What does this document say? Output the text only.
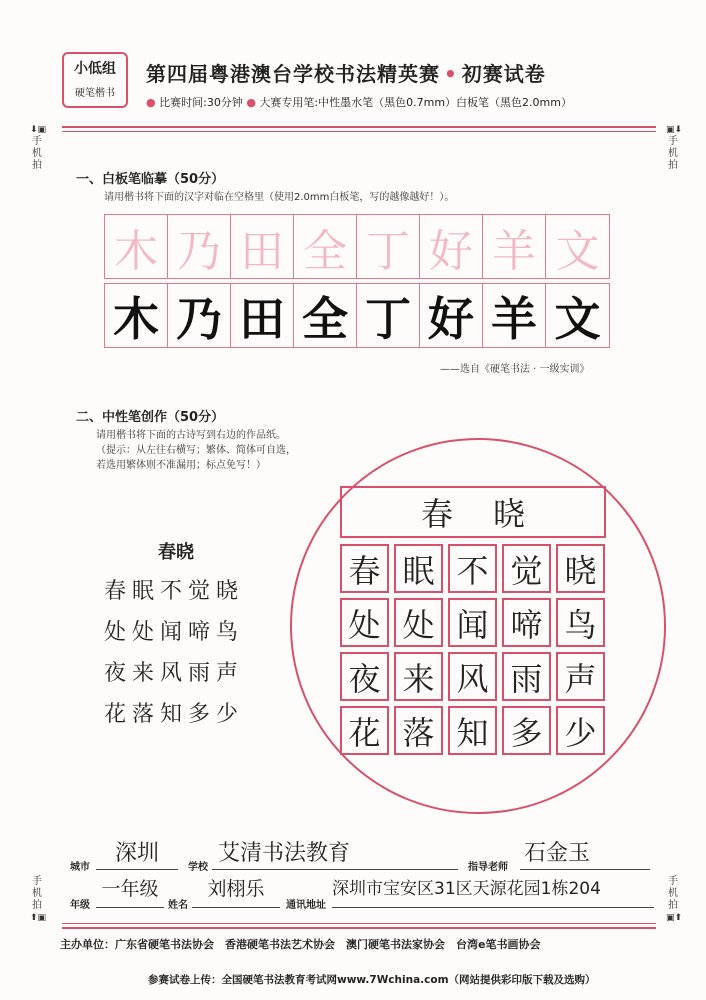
小低组
硬笔楷书
第四届粤港澳台学校书法精英赛 • 初赛试卷
● 比赛时间:30分钟 ● 大赛专用笔:中性墨水笔（黑色0.7mm）白板笔（黑色2.0mm）
⬇▣
手机拍
▣⬇
手机拍
手机拍
⬆▣
手机拍
▣⬆
一、白板笔临摹（50分）
请用楷书将下面的汉字对临在空格里（使用2.0mm白板笔，写的越像越好！）。
木 乃 田 全 丁 好 羊 文
木 乃 田 全 丁 好 羊 文
——选自《硬笔书法 · 一级实训》
二、中性笔创作（50分）
请用楷书将下面的古诗写到右边的作品纸。
（提示：从左往右横写；繁体、简体可自选，
若选用繁体则不准漏用；标点免写！）
春晓
春眠不觉晓
处处闻啼鸟
夜来风雨声
花落知多少
春晓
春 眠 不 觉 晓
处 处 闻 啼 鸟
夜 来 风 雨 声
花 落 知 多 少
城市
深圳
学校
艾清书法教育
指导老师
石金玉
年级
一年级
姓名
刘栩乐
通讯地址
深圳市宝安区31区天源花园1栋204
主办单位：广东省硬笔书法协会　香港硬笔书法艺术协会　澳门硬笔书法家协会　台湾e笔书画协会
参赛试卷上传：全国硬笔书法教育考试网www.7Wchina.com（网站提供彩印版下载及选购）
